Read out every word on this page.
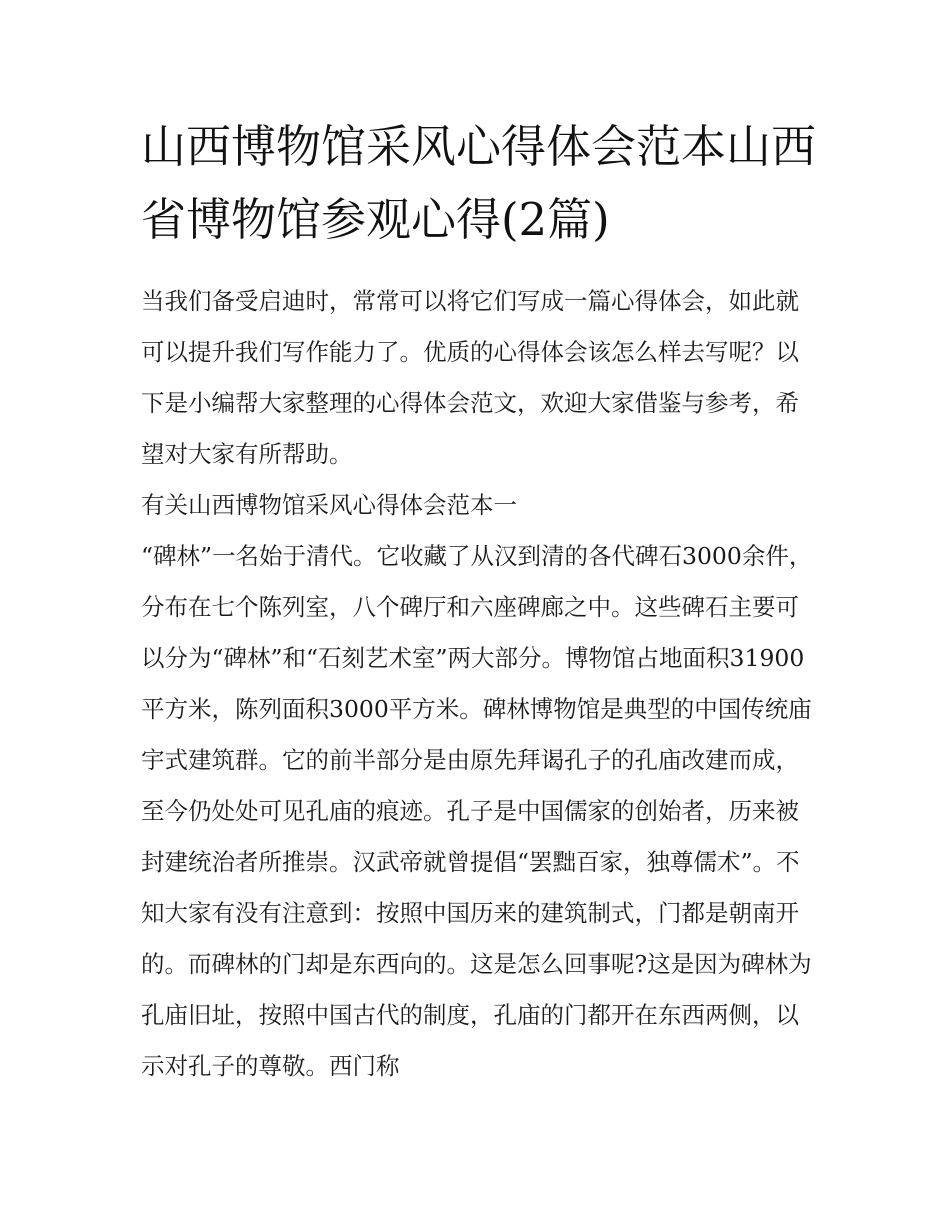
山西博物馆采风心得体会范本山西省博物馆参观心得(2篇)

当我们备受启迪时，常常可以将它们写成一篇心得体会，如此就可以提升我们写作能力了。优质的心得体会该怎么样去写呢？以下是小编帮大家整理的心得体会范文，欢迎大家借鉴与参考，希望对大家有所帮助。

有关山西博物馆采风心得体会范本一

“碑林”一名始于清代。它收藏了从汉到清的各代碑石3000余件，分布在七个陈列室，八个碑厅和六座碑廊之中。这些碑石主要可以分为“碑林”和“石刻艺术室”两大部分。博物馆占地面积31900平方米，陈列面积3000平方米。碑林博物馆是典型的中国传统庙宇式建筑群。它的前半部分是由原先拜谒孔子的孔庙改建而成，至今仍处处可见孔庙的痕迹。孔子是中国儒家的创始者，历来被封建统治者所推崇。汉武帝就曾提倡“罢黜百家，独尊儒术”。不知大家有没有注意到：按照中国历来的建筑制式，门都是朝南开的。而碑林的门却是东西向的。这是怎么回事呢?这是因为碑林为孔庙旧址，按照中国古代的制度，孔庙的门都开在东西两侧，以示对孔子的尊敬。西门称
